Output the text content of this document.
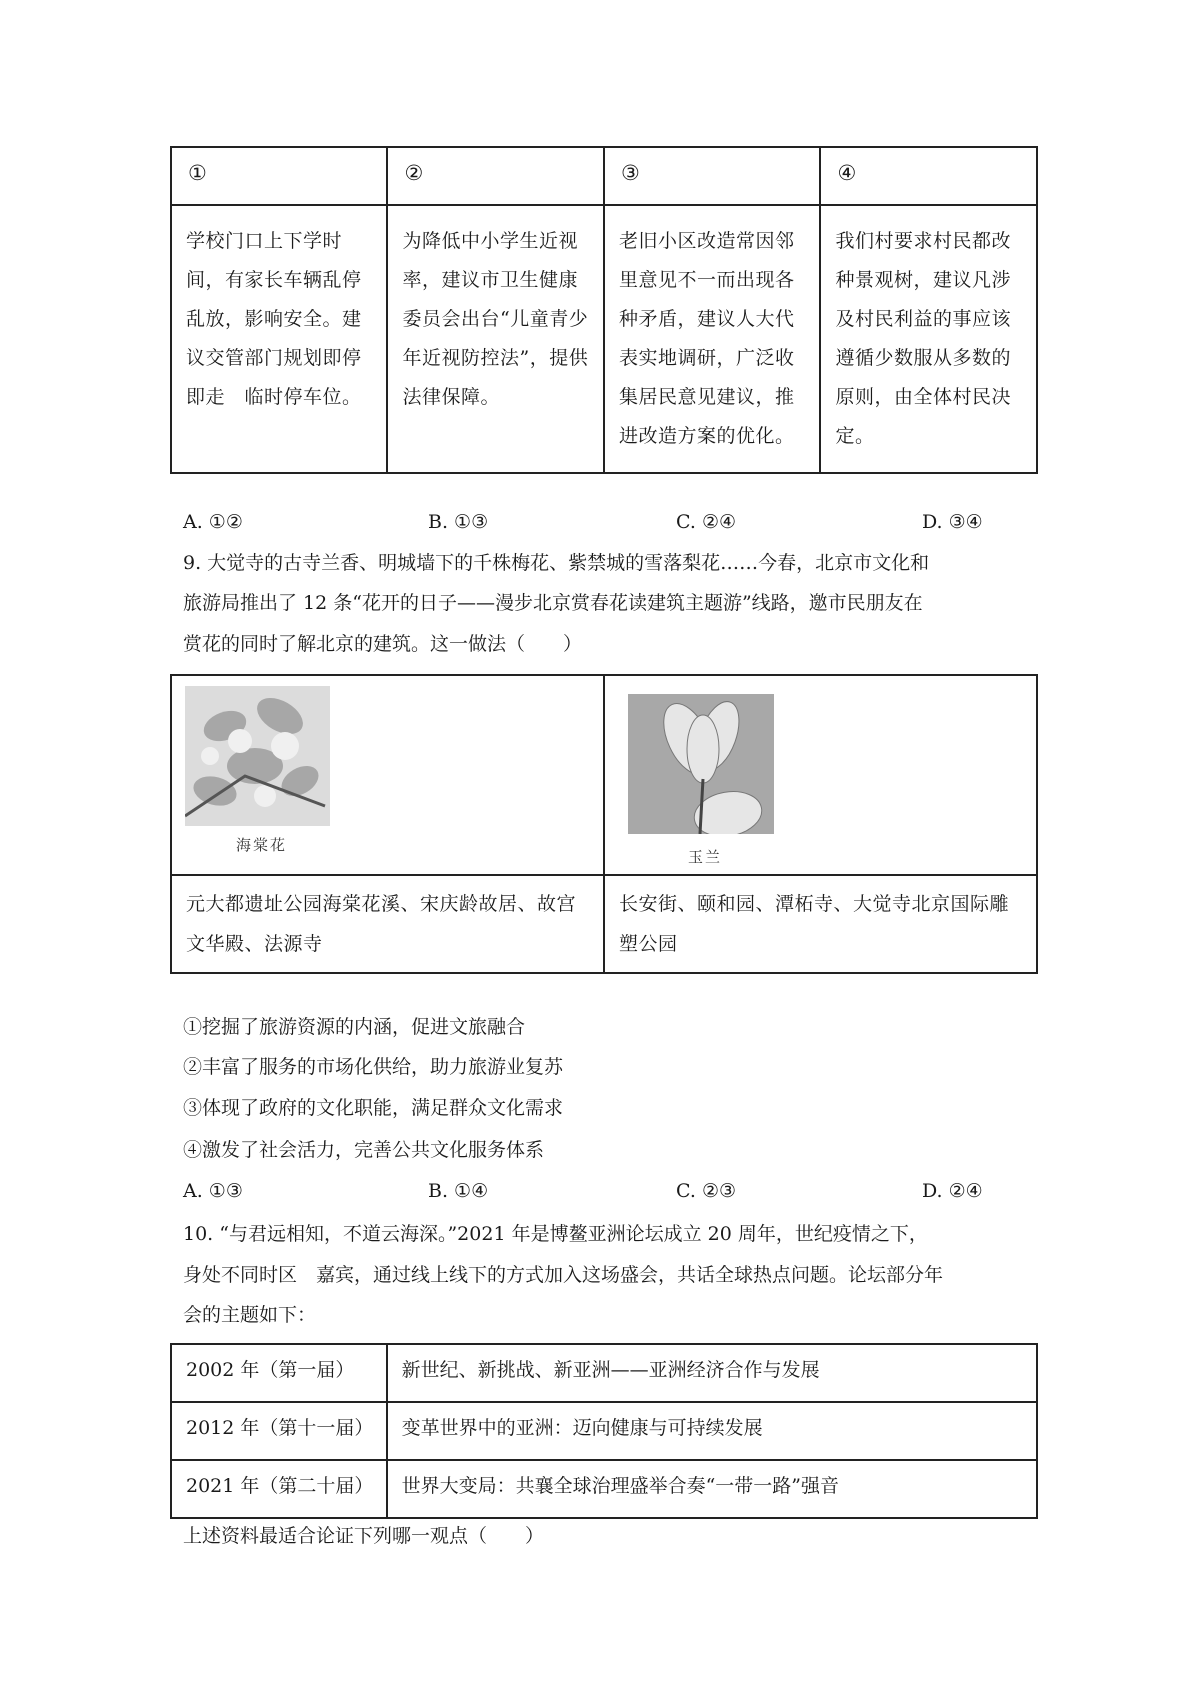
①	②	③	④

学校门口上下学时间，有家长车辆乱停乱放，影响安全。建议交管部门规划即停即走　临时停车位。	为降低中小学生近视率，建议市卫生健康委员会出台“儿童青少年近视防控法”，提供法律保障。	老旧小区改造常因邻里意见不一而出现各种矛盾，建议人大代表实地调研，广泛收集居民意见建议，推进改造方案的优化。	我们村要求村民都改种景观树，建议凡涉及村民利益的事应该遵循少数服从多数的原则，由全体村民决定。
A. ①②	B. ①③	C. ②④	D. ③④
9. 大觉寺的古寺兰香、明城墙下的千株梅花、紫禁城的雪落梨花……今春，北京市文化和
旅游局推出了 12 条“花开的日子——漫步北京赏春花读建筑主题游”线路，邀市民朋友在
赏花的同时了解北京的建筑。这一做法（　　）

元大都遗址公园海棠花溪、宋庆龄故居、故宫文华殿、法源寺	长安街、颐和园、潭柘寺、大觉寺北京国际雕塑公园
海棠花
玉兰
①挖掘了旅游资源的内涵，促进文旅融合
②丰富了服务的市场化供给，助力旅游业复苏
③体现了政府的文化职能，满足群众文化需求
④激发了社会活力，完善公共文化服务体系
A. ①③	B. ①④	C. ②③	D. ②④
10. “与君远相知，不道云海深。”2021 年是博鳌亚洲论坛成立 20 周年，世纪疫情之下，
身处不同时区　嘉宾，通过线上线下的方式加入这场盛会，共话全球热点问题。论坛部分年
会的主题如下：
2002 年（第一届）	新世纪、新挑战、新亚洲——亚洲经济合作与发展

2012 年（第十一届）	变革世界中的亚洲：迈向健康与可持续发展

2021 年（第二十届）	世界大变局：共襄全球治理盛举合奏“一带一路”强音
上述资料最适合论证下列哪一观点（　　）
